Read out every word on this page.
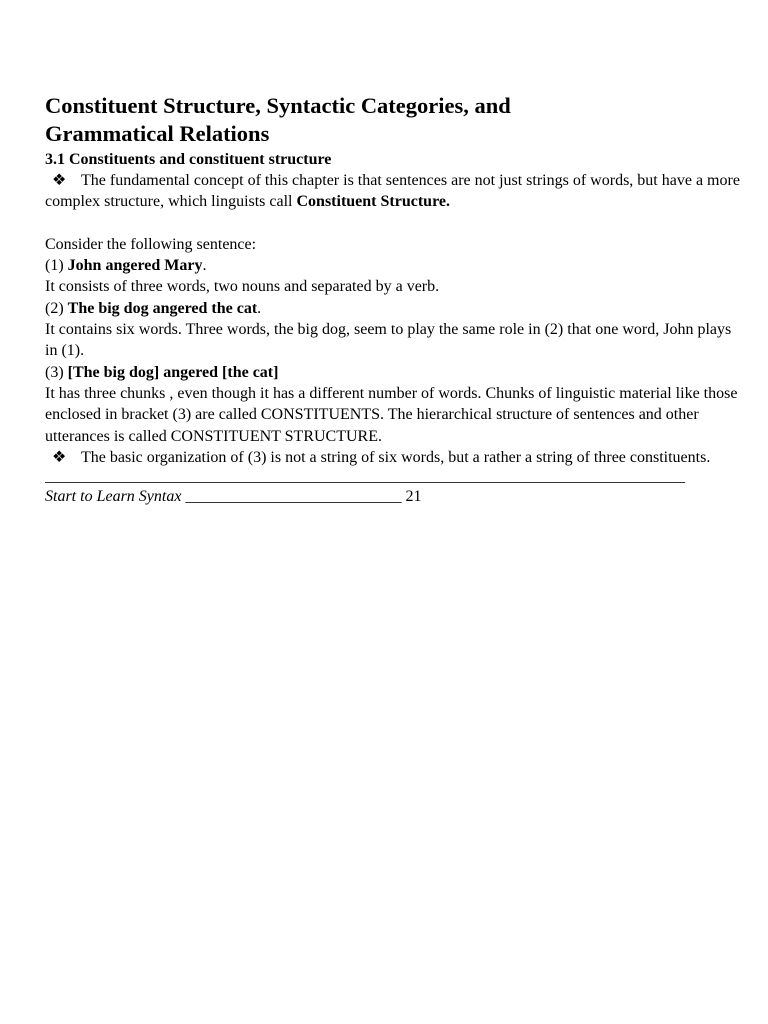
Constituent Structure, Syntactic Categories, and
Grammatical Relations
3.1 Constituents and constituent structure

❖ The fundamental concept of this chapter is that sentences are not just strings of words, but have a more complex structure, which linguists call Constituent Structure.

Consider the following sentence:

(1) John angered Mary.

It consists of three words, two nouns and separated by a verb.

(2) The big dog angered the cat.

It contains six words. Three words, the big dog, seem to play the same role in (2) that one word, John plays in (1).

(3) [The big dog] angered [the cat]

It has three chunks , even though it has a different number of words. Chunks of linguistic material like those enclosed in bracket (3) are called CONSTITUENTS. The hierarchical structure of sentences and other utterances is called CONSTITUENT STRUCTURE.

❖ The basic organization of (3) is not a string of six words, but a rather a string of three constituents.

________________________________________________________________________________
Start to Learn Syntax ___________________________ 21
